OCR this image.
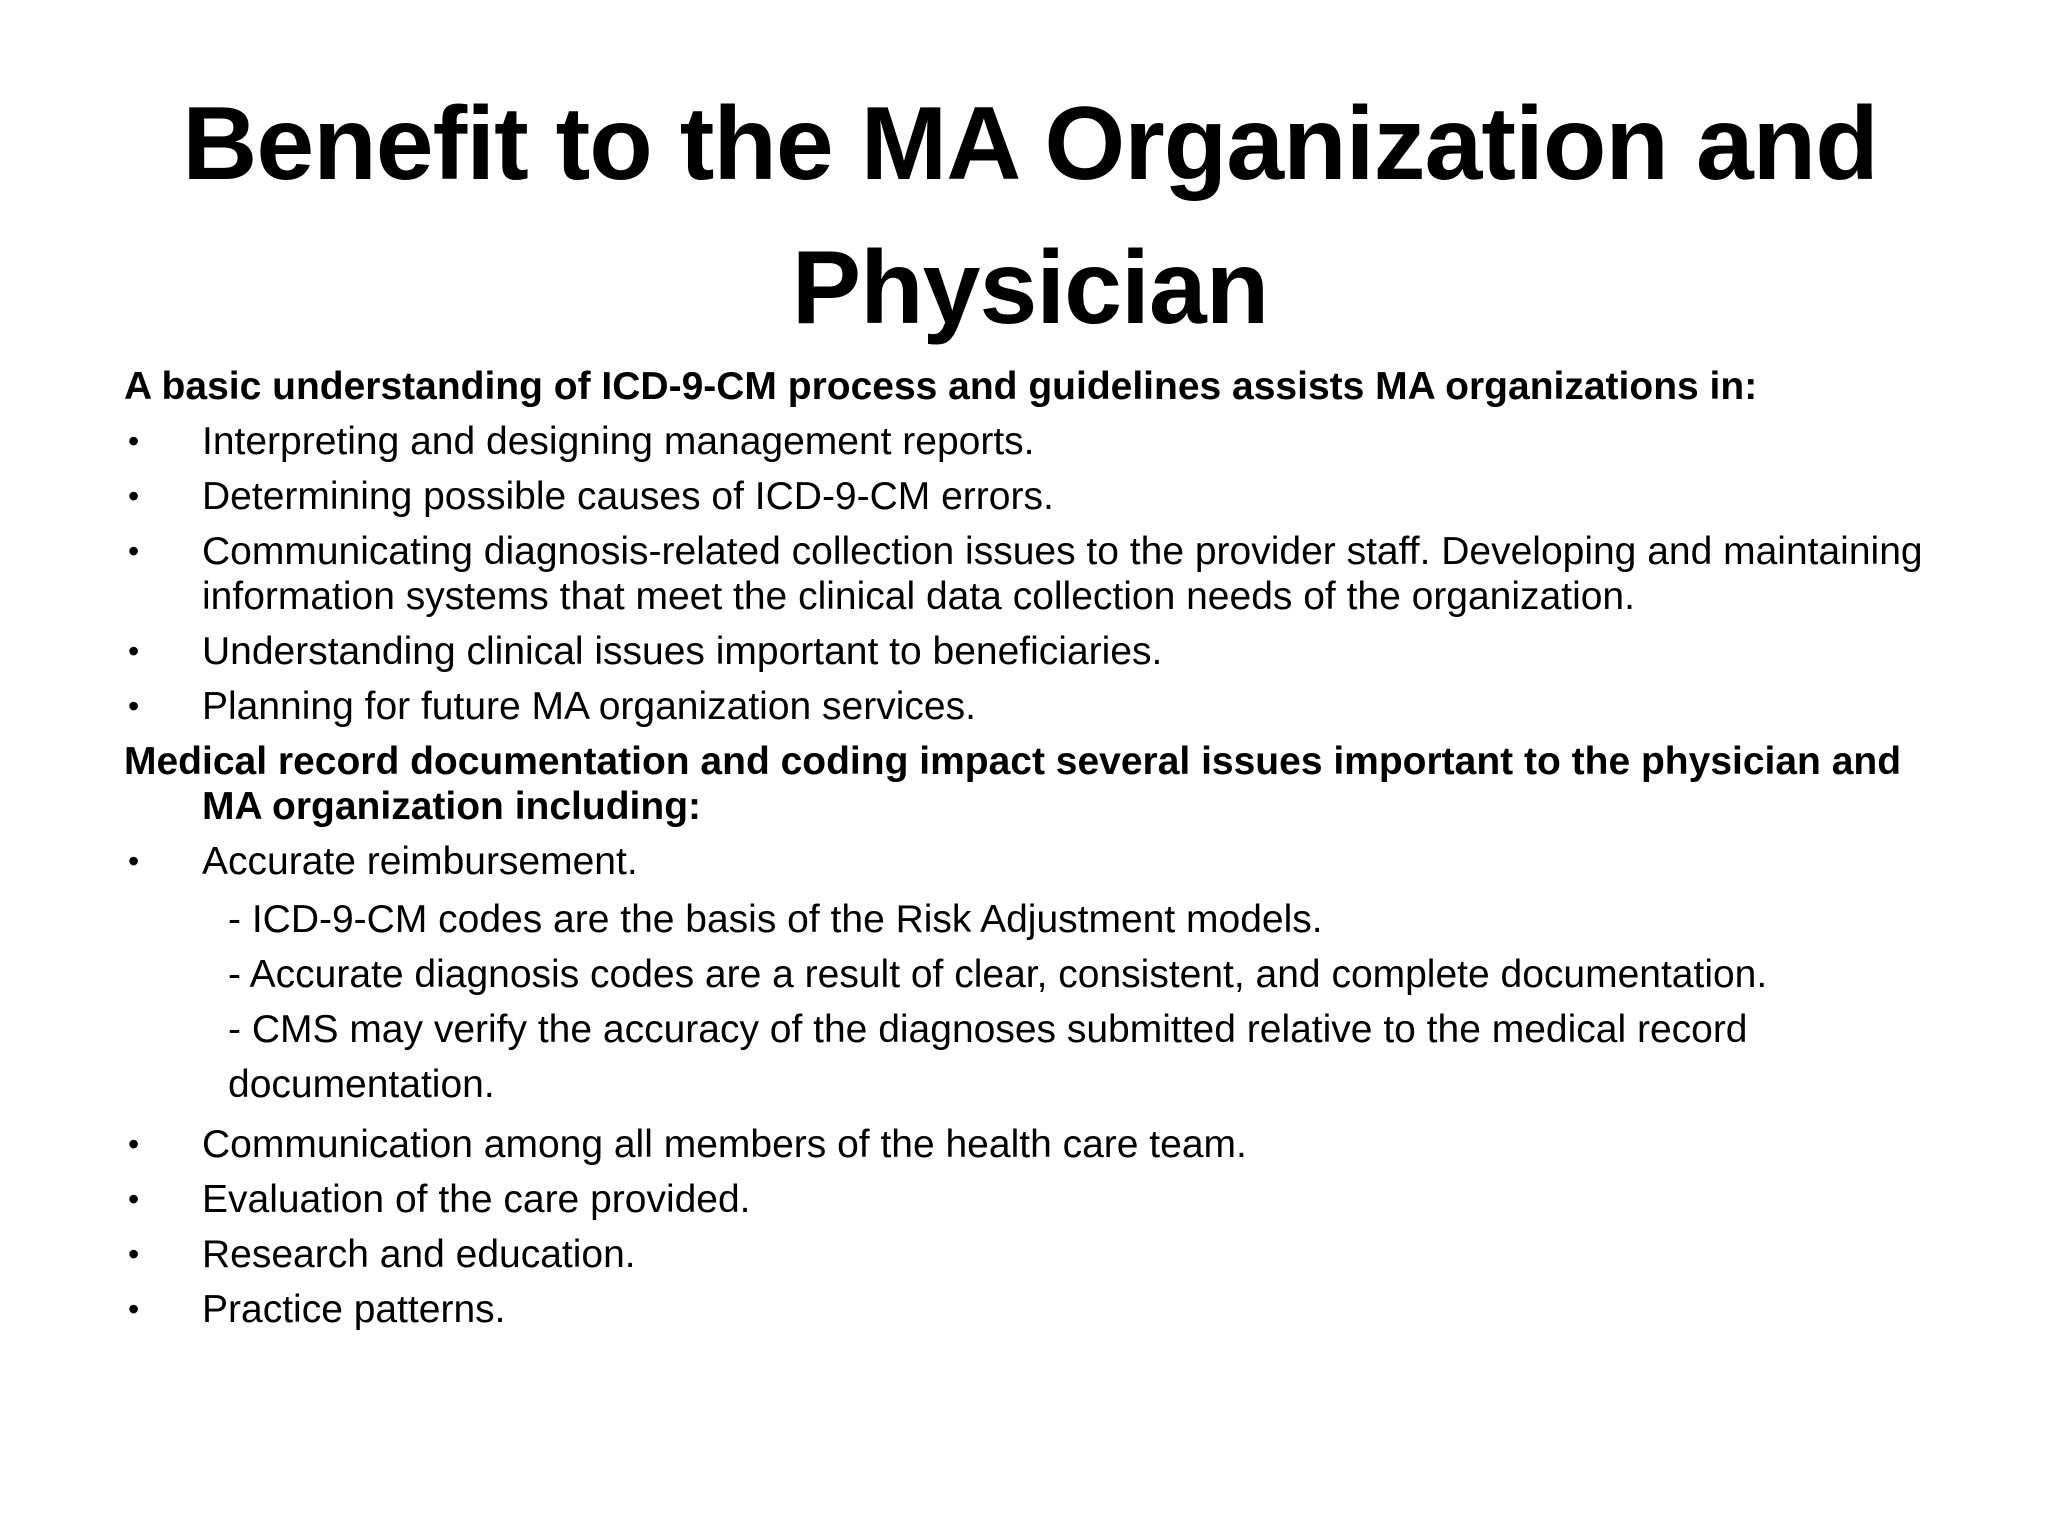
Benefit to the MA Organization and Physician
A basic understanding of ICD-9-CM process and guidelines assists MA organizations in:
• Interpreting and designing management reports.
• Determining possible causes of ICD-9-CM errors.
• Communicating diagnosis-related collection issues to the provider staff. Developing and maintaining information systems that meet the clinical data collection needs of the organization.
• Understanding clinical issues important to beneficiaries.
• Planning for future MA organization services.
Medical record documentation and coding impact several issues important to the physician and MA organization including:
• Accurate reimbursement.
- ICD-9-CM codes are the basis of the Risk Adjustment models.
- Accurate diagnosis codes are a result of clear, consistent, and complete documentation.
- CMS may verify the accuracy of the diagnoses submitted relative to the medical record documentation.
• Communication among all members of the health care team.
• Evaluation of the care provided.
• Research and education.
• Practice patterns.
